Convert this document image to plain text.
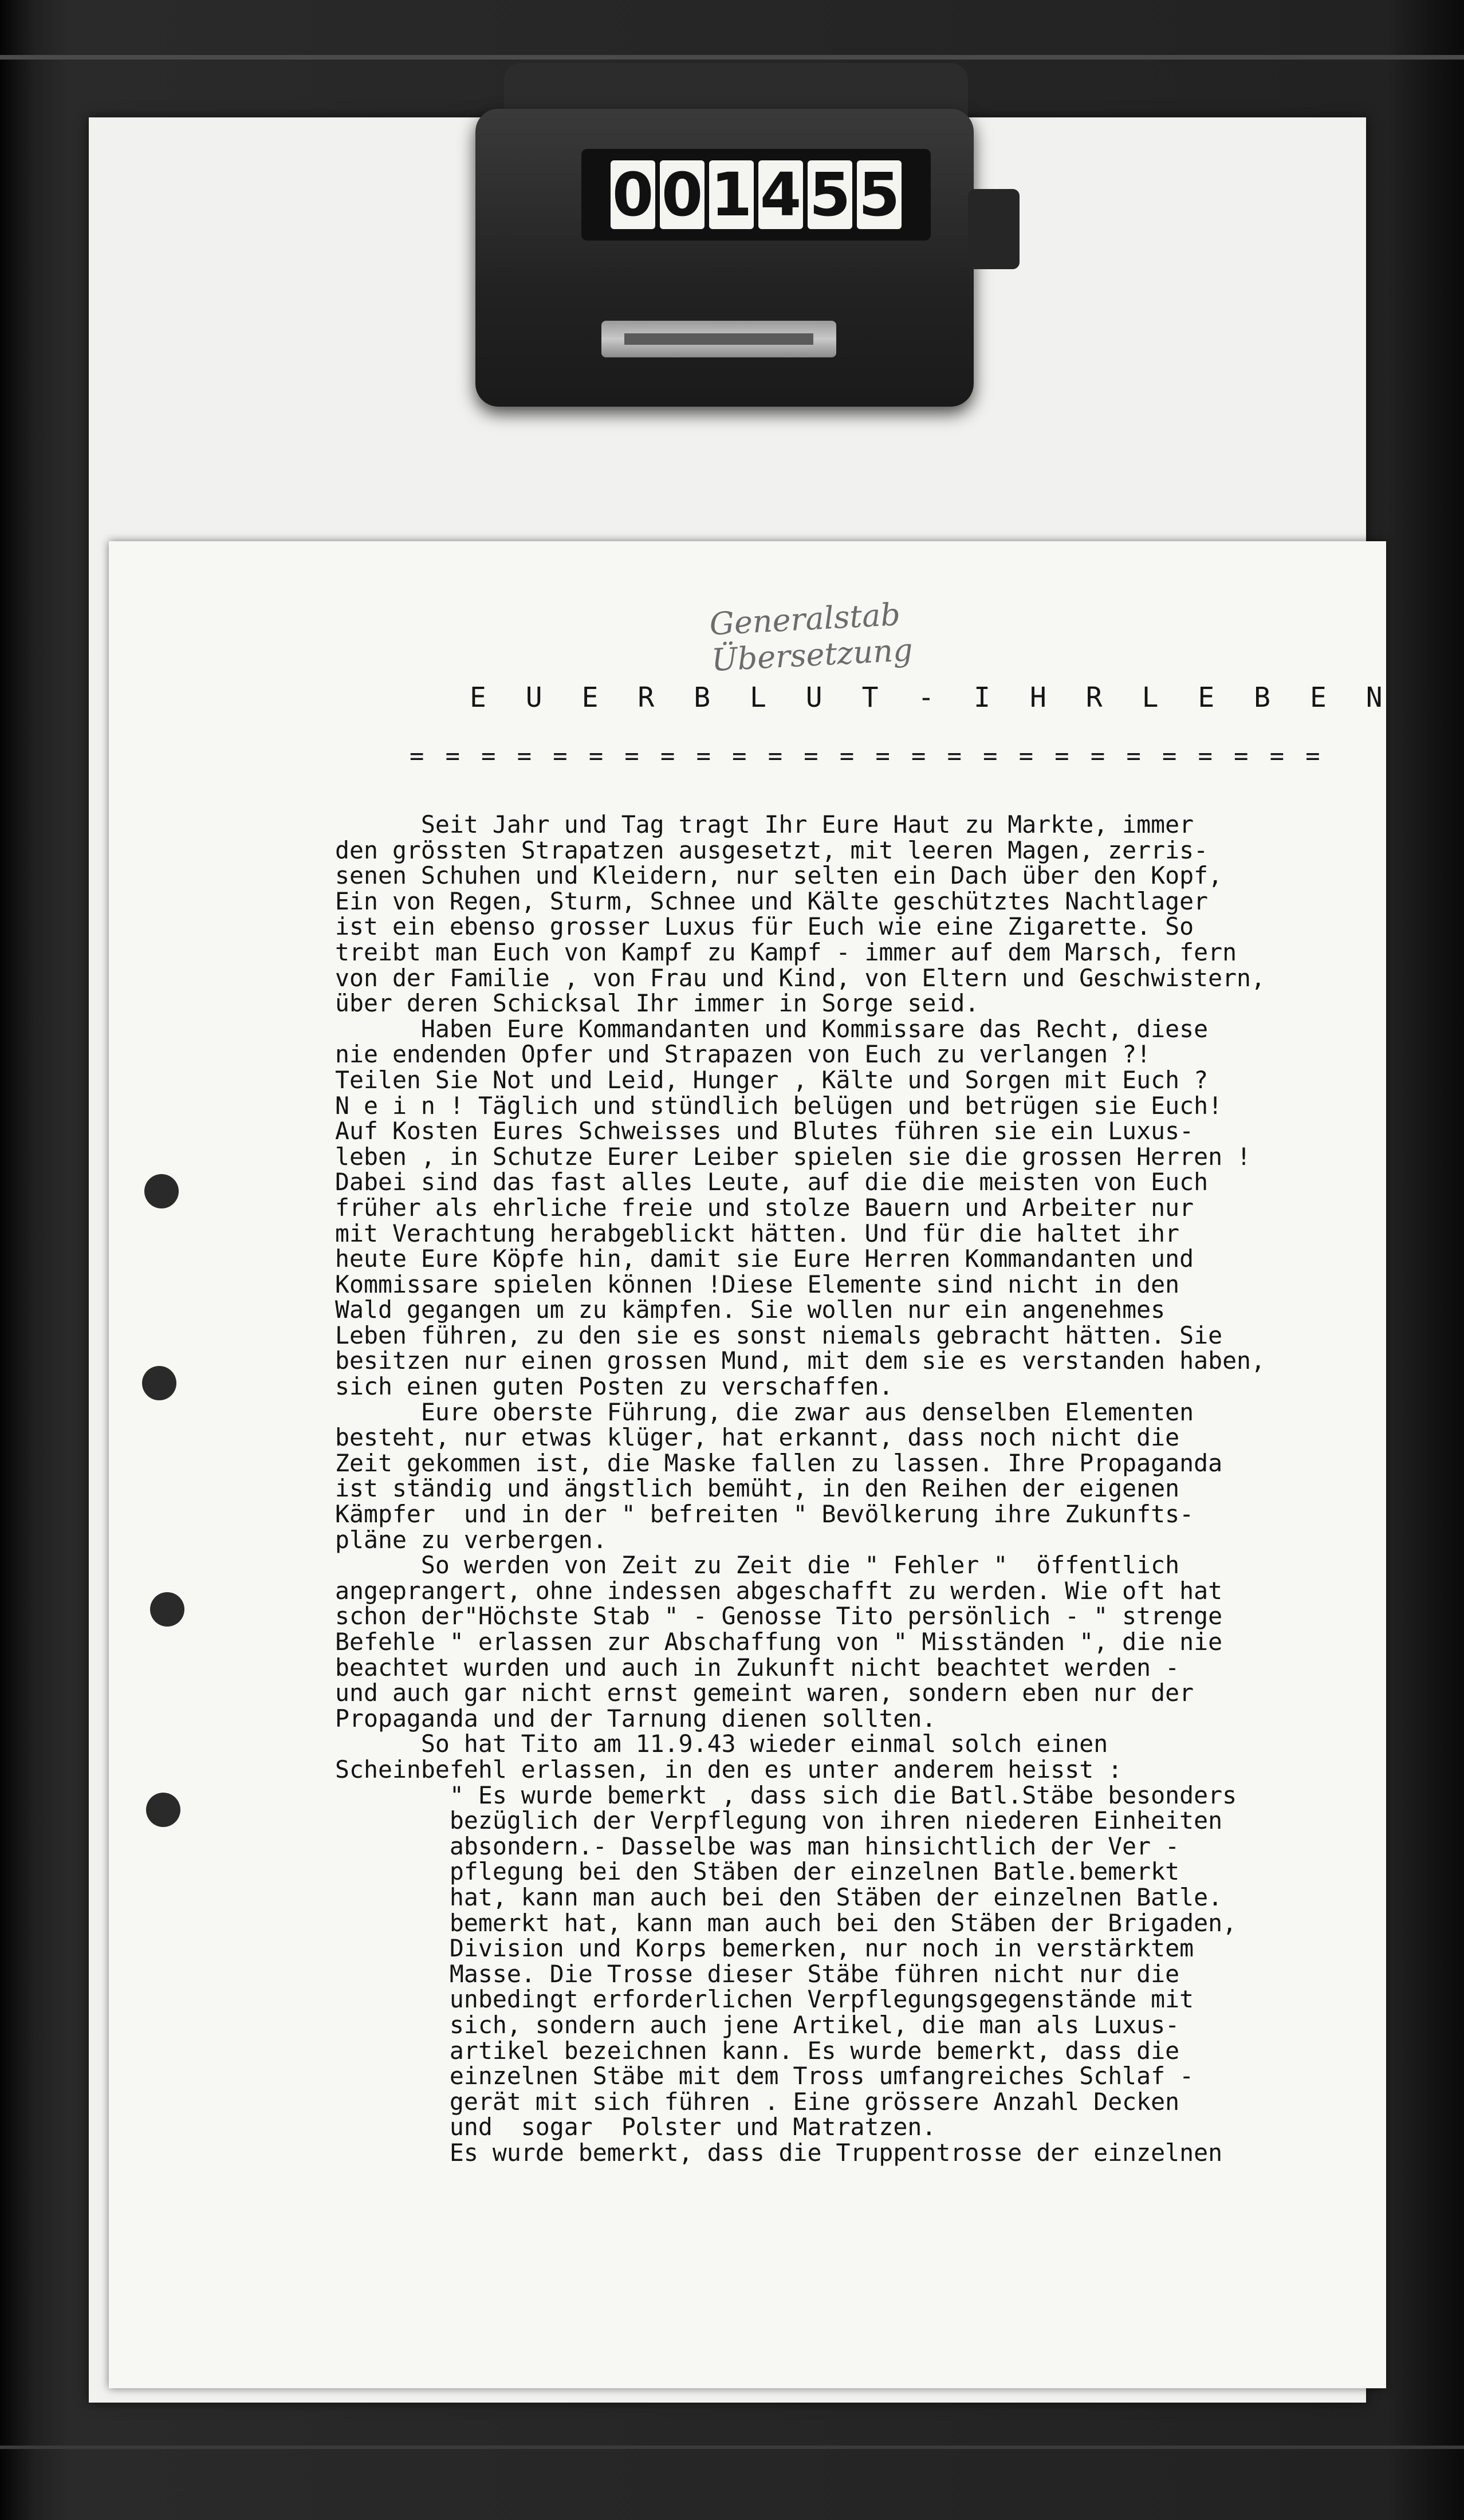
0 0 1 4 5 5
Generalstab Übersetzung
E U E R B L U T - I H R L E B E N !
= = = = = = = = = = = = = = = = = = = = = = = = = =
Seit Jahr und Tag tragt Ihr Eure Haut zu Markte, immer
den grössten Strapatzen ausgesetzt, mit leeren Magen, zerris-
senen Schuhen und Kleidern, nur selten ein Dach über den Kopf,
Ein von Regen, Sturm, Schnee und Kälte geschütztes Nachtlager
ist ein ebenso grosser Luxus für Euch wie eine Zigarette. So
treibt man Euch von Kampf zu Kampf - immer auf dem Marsch, fern
von der Familie , von Frau und Kind, von Eltern und Geschwistern,
über deren Schicksal Ihr immer in Sorge seid.
Haben Eure Kommandanten und Kommissare das Recht, diese
nie endenden Opfer und Strapazen von Euch zu verlangen ?!
Teilen Sie Not und Leid, Hunger , Kälte und Sorgen mit Euch ?
N e i n ! Täglich und stündlich belügen und betrügen sie Euch!
Auf Kosten Eures Schweisses und Blutes führen sie ein Luxus-
leben , in Schutze Eurer Leiber spielen sie die grossen Herren !
Dabei sind das fast alles Leute, auf die die meisten von Euch
früher als ehrliche freie und stolze Bauern und Arbeiter nur
mit Verachtung herabgeblickt hätten. Und für die haltet ihr
heute Eure Köpfe hin, damit sie Eure Herren Kommandanten und
Kommissare spielen können !Diese Elemente sind nicht in den
Wald gegangen um zu kämpfen. Sie wollen nur ein angenehmes
Leben führen, zu den sie es sonst niemals gebracht hätten. Sie
besitzen nur einen grossen Mund, mit dem sie es verstanden haben,
sich einen guten Posten zu verschaffen.
Eure oberste Führung, die zwar aus denselben Elementen
besteht, nur etwas klüger, hat erkannt, dass noch nicht die
Zeit gekommen ist, die Maske fallen zu lassen. Ihre Propaganda
ist ständig und ängstlich bemüht, in den Reihen der eigenen
Kämpfer  und in der " befreiten " Bevölkerung ihre Zukunfts-
pläne zu verbergen.
So werden von Zeit zu Zeit die " Fehler "  öffentlich
angeprangert, ohne indessen abgeschafft zu werden. Wie oft hat
schon der"Höchste Stab " - Genosse Tito persönlich - " strenge
Befehle " erlassen zur Abschaffung von " Misständen ", die nie
beachtet wurden und auch in Zukunft nicht beachtet werden -
und auch gar nicht ernst gemeint waren, sondern eben nur der
Propaganda und der Tarnung dienen sollten.
So hat Tito am 11.9.43 wieder einmal solch einen
Scheinbefehl erlassen, in den es unter anderem heisst :
" Es wurde bemerkt , dass sich die Batl.Stäbe besonders
bezüglich der Verpflegung von ihren niederen Einheiten
absondern.- Dasselbe was man hinsichtlich der Ver -
pflegung bei den Stäben der einzelnen Batle.bemerkt
hat, kann man auch bei den Stäben der einzelnen Batle.
bemerkt hat, kann man auch bei den Stäben der Brigaden,
Division und Korps bemerken, nur noch in verstärktem
Masse. Die Trosse dieser Stäbe führen nicht nur die
unbedingt erforderlichen Verpflegungsgegenstände mit
sich, sondern auch jene Artikel, die man als Luxus-
artikel bezeichnen kann. Es wurde bemerkt, dass die
einzelnen Stäbe mit dem Tross umfangreiches Schlaf -
gerät mit sich führen . Eine grössere Anzahl Decken
und  sogar  Polster und Matratzen.
Es wurde bemerkt, dass die Truppentrosse der einzelnen
